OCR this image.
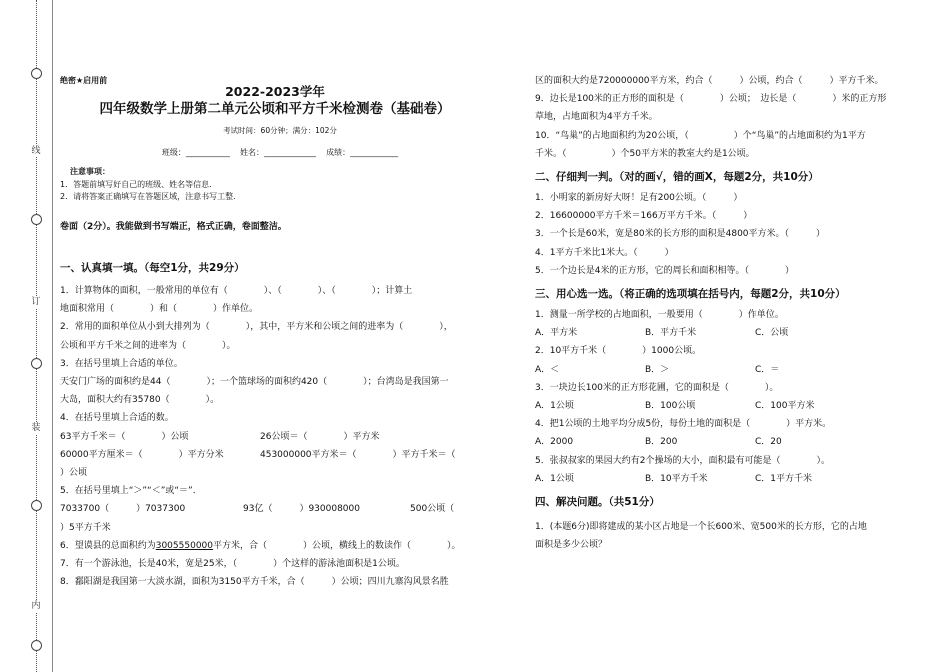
线
订
装
内
绝密★启用前
2022-2023学年
四年级数学上册第二单元公顷和平方千米检测卷（基础卷）
考试时间：60分钟；满分：102分
班级：___________ 姓名：_____________ 成绩：____________
注意事项：
1．答题前填写好自己的班级、姓名等信息．
2．请将答案正确填写在答题区域，注意书写工整．
卷面（2分）。我能做到书写端正，格式正确，卷面整洁。
一、认真填一填。（每空1分，共29分）
1．计算物体的面积，一般常用的单位有（　　　　）、（　　　　）、（　　　　）；计算土
地面积常用（　　　　）和（　　　　）作单位。
2．常用的面积单位从小到大排列为（　　　　），其中，平方米和公顷之间的进率为（　　　　），
公顷和平方千米之间的进率为（　　　　）。
3．在括号里填上合适的单位。
天安门广场的面积约是44（　　　　）；一个篮球场的面积约420（　　　　）；台湾岛是我国第一
大岛，面积大约有35780（　　　　）。
4．在括号里填上合适的数。
63平方千米＝（　　　　）公顷	26公顷＝（　　　　）平方米
60000平方厘米＝（　　　　）平方分米	453000000平方米＝（　　　　）平方千米＝（
）公顷
5．在括号里填上“＞”“＜”或“＝”．
7033700（　　　）7037300	93亿（　　　）930008000	500公顷（
）5平方千米
6．望谟县的总面积约为3005550000平方米，合（　　　　）公顷，横线上的数读作（　　　　）。
7．有一个游泳池，长是40米，宽是25米，（　　　　）个这样的游泳池面积是1公顷。
8．鄱阳湖是我国第一大淡水湖，面积为3150平方千米，合（　　　）公顷；四川九寨沟风景名胜
区的面积大约是720000000平方米，约合（　　　）公顷，约合（　　　）平方千米。
9．边长是100米的正方形的面积是（　　　　）公顷；　边长是（　　　　）米的正方形
草地，占地面积为4平方千米。
10．“鸟巢”的占地面积约为20公顷，（　　　　　）个“鸟巢”的占地面积约为1平方
千米。（　　　　　）个50平方米的教室大约是1公顷。
二、仔细判一判。（对的画√，错的画X，每题2分，共10分）
1．小明家的新房好大呀！足有200公顷。（　　　）
2．16600000平方千米＝166万平方千米。（　　　）
3．一个长是60米，宽是80米的长方形的面积是4800平方米。（　　　）
4．1平方千米比1米大。（　　　）
5．一个边长是4米的正方形，它的周长和面积相等。（　　　　）
三、用心选一选。（将正确的选项填在括号内，每题2分，共10分）
1．测量一所学校的占地面积，一般要用（　　　　）作单位。
A．平方米	B．平方千米	C．公顷
2．10平方千米（　　　　）1000公顷。
A．＜	B．＞	C．＝
3．一块边长100米的正方形花圃，它的面积是（　　　　）。
A．1公顷	B．100公顷	C．100平方米
4．把1公顷的土地平均分成5份，每份土地的面积是（　　　　）平方米。
A．2000	B．200	C．20
5．张叔叔家的果园大约有2个操场的大小，面积最有可能是（　　　　）。
A．1公顷	B．10平方千米	C．1平方千米
四、解决问题。（共51分）
1．(本题6分)即将建成的某小区占地是一个长600米、宽500米的长方形，它的占地
面积是多少公顷？
